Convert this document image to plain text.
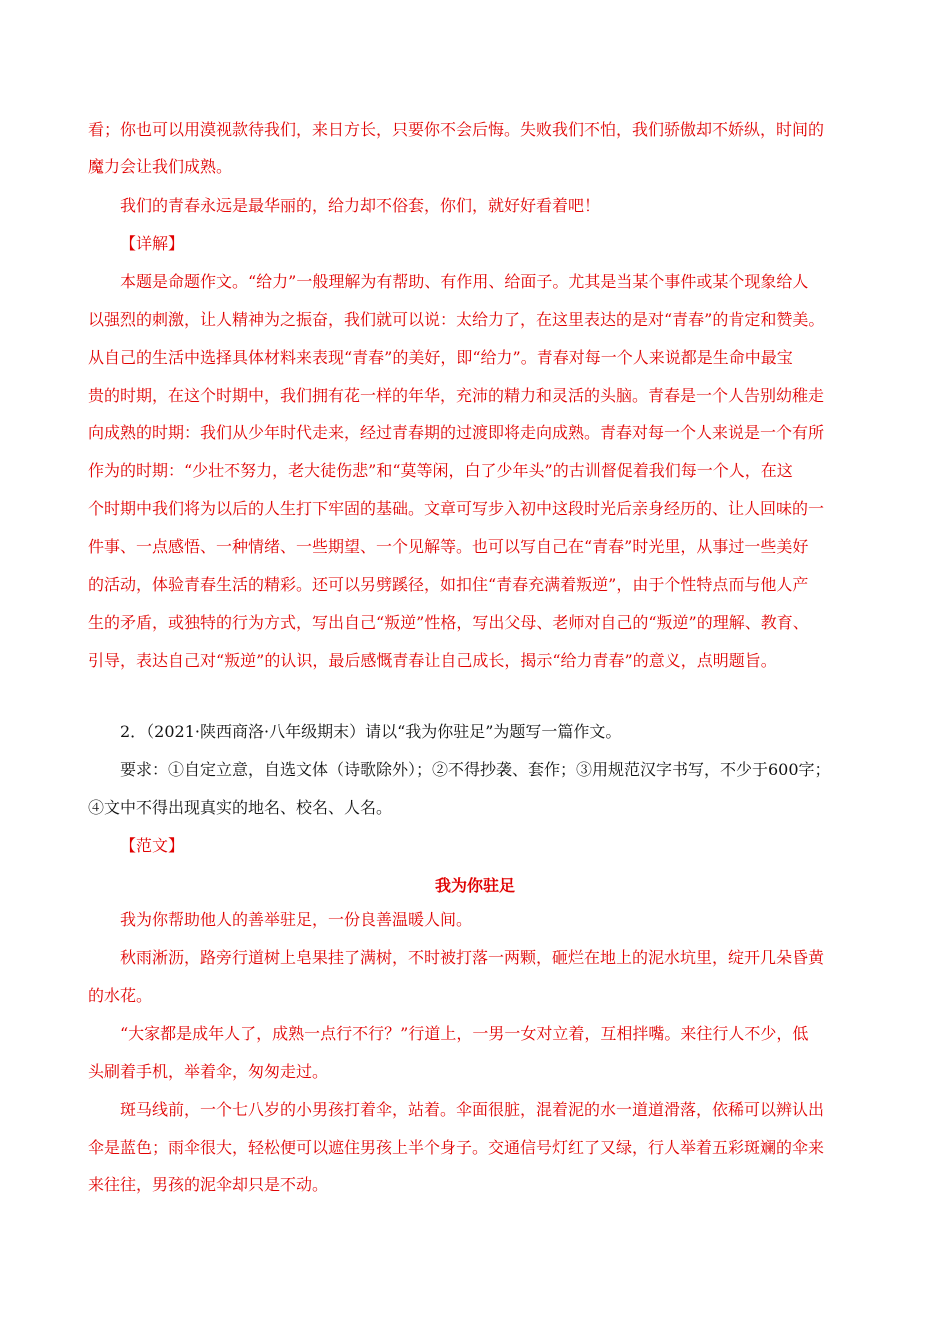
看；你也可以用漠视款待我们，来日方长，只要你不会后悔。失败我们不怕，我们骄傲却不娇纵，时间的
魔力会让我们成熟。
我们的青春永远是最华丽的，给力却不俗套，你们，就好好看着吧！
【详解】
本题是命题作文。“给力”一般理解为有帮助、有作用、给面子。尤其是当某个事件或某个现象给人
以强烈的刺激，让人精神为之振奋，我们就可以说：太给力了，在这里表达的是对“青春”的肯定和赞美。
从自己的生活中选择具体材料来表现“青春”的美好，即“给力”。青春对每一个人来说都是生命中最宝
贵的时期，在这个时期中，我们拥有花一样的年华，充沛的精力和灵活的头脑。青春是一个人告别幼稚走
向成熟的时期：我们从少年时代走来，经过青春期的过渡即将走向成熟。青春对每一个人来说是一个有所
作为的时期：“少壮不努力，老大徒伤悲”和“莫等闲，白了少年头”的古训督促着我们每一个人，在这
个时期中我们将为以后的人生打下牢固的基础。文章可写步入初中这段时光后亲身经历的、让人回味的一
件事、一点感悟、一种情绪、一些期望、一个见解等。也可以写自己在“青春”时光里，从事过一些美好
的活动，体验青春生活的精彩。还可以另劈蹊径，如扣住“青春充满着叛逆”，由于个性特点而与他人产
生的矛盾，或独特的行为方式，写出自己“叛逆”性格，写出父母、老师对自己的“叛逆”的理解、教育、
引导，表达自己对“叛逆”的认识，最后感慨青春让自己成长，揭示“给力青春”的意义，点明题旨。
2．（2021·陕西商洛·八年级期末）请以“我为你驻足”为题写一篇作文。
要求：①自定立意，自选文体（诗歌除外）；②不得抄袭、套作；③用规范汉字书写，不少于600字；
④文中不得出现真实的地名、校名、人名。
【范文】
我为你驻足
我为你帮助他人的善举驻足，一份良善温暖人间。
秋雨淅沥，路旁行道树上皂果挂了满树，不时被打落一两颗，砸烂在地上的泥水坑里，绽开几朵昏黄
的水花。
“大家都是成年人了，成熟一点行不行？”行道上，一男一女对立着，互相拌嘴。来往行人不少，低
头刷着手机，举着伞，匆匆走过。
斑马线前，一个七八岁的小男孩打着伞，站着。伞面很脏，混着泥的水一道道滑落，依稀可以辨认出
伞是蓝色；雨伞很大，轻松便可以遮住男孩上半个身子。交通信号灯红了又绿，行人举着五彩斑斓的伞来
来往往，男孩的泥伞却只是不动。
